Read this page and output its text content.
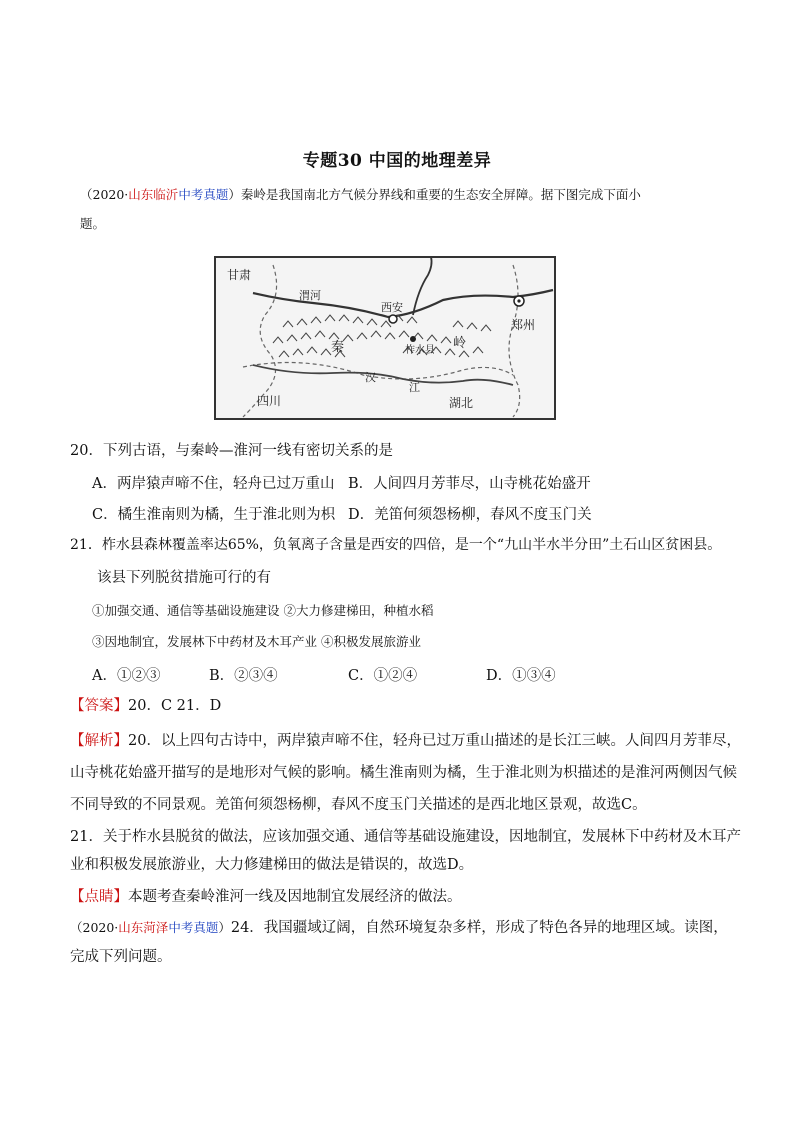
专题30 中国的地理差异
（2020·山东临沂中考真题）秦岭是我国南北方气候分界线和重要的生态安全屏障。据下图完成下面小
题。
甘肃
渭河
西安
郑州
秦	岭
柞水县
汉
江
四川	湖北
20．下列古语，与秦岭—淮河一线有密切关系的是
A．两岸猿声啼不住，轻舟已过万重山 B．人间四月芳菲尽，山寺桃花始盛开
C．橘生淮南则为橘，生于淮北则为枳 D．羌笛何须怨杨柳，春风不度玉门关
21．柞水县森林覆盖率达65%，负氧离子含量是西安的四倍，是一个“九山半水半分田”土石山区贫困县。
该县下列脱贫措施可行的有
①加强交通、通信等基础设施建设 ②大力修建梯田，种植水稻
③因地制宜，发展林下中药材及木耳产业 ④积极发展旅游业
A．①②③	B．②③④	C．①②④	D．①③④
【答案】20．C 21．D
【解析】20．以上四句古诗中，两岸猿声啼不住，轻舟已过万重山描述的是长江三峡。人间四月芳菲尽，
山寺桃花始盛开描写的是地形对气候的影响。橘生淮南则为橘，生于淮北则为枳描述的是淮河两侧因气候
不同导致的不同景观。羌笛何须怨杨柳，春风不度玉门关描述的是西北地区景观，故选C。
21．关于柞水县脱贫的做法，应该加强交通、通信等基础设施建设，因地制宜，发展林下中药材及木耳产
业和积极发展旅游业，大力修建梯田的做法是错误的，故选D。
【点睛】本题考查秦岭淮河一线及因地制宜发展经济的做法。
（2020·山东菏泽中考真题）24．我国疆域辽阔，自然环境复杂多样，形成了特色各异的地理区域。读图，
完成下列问题。
